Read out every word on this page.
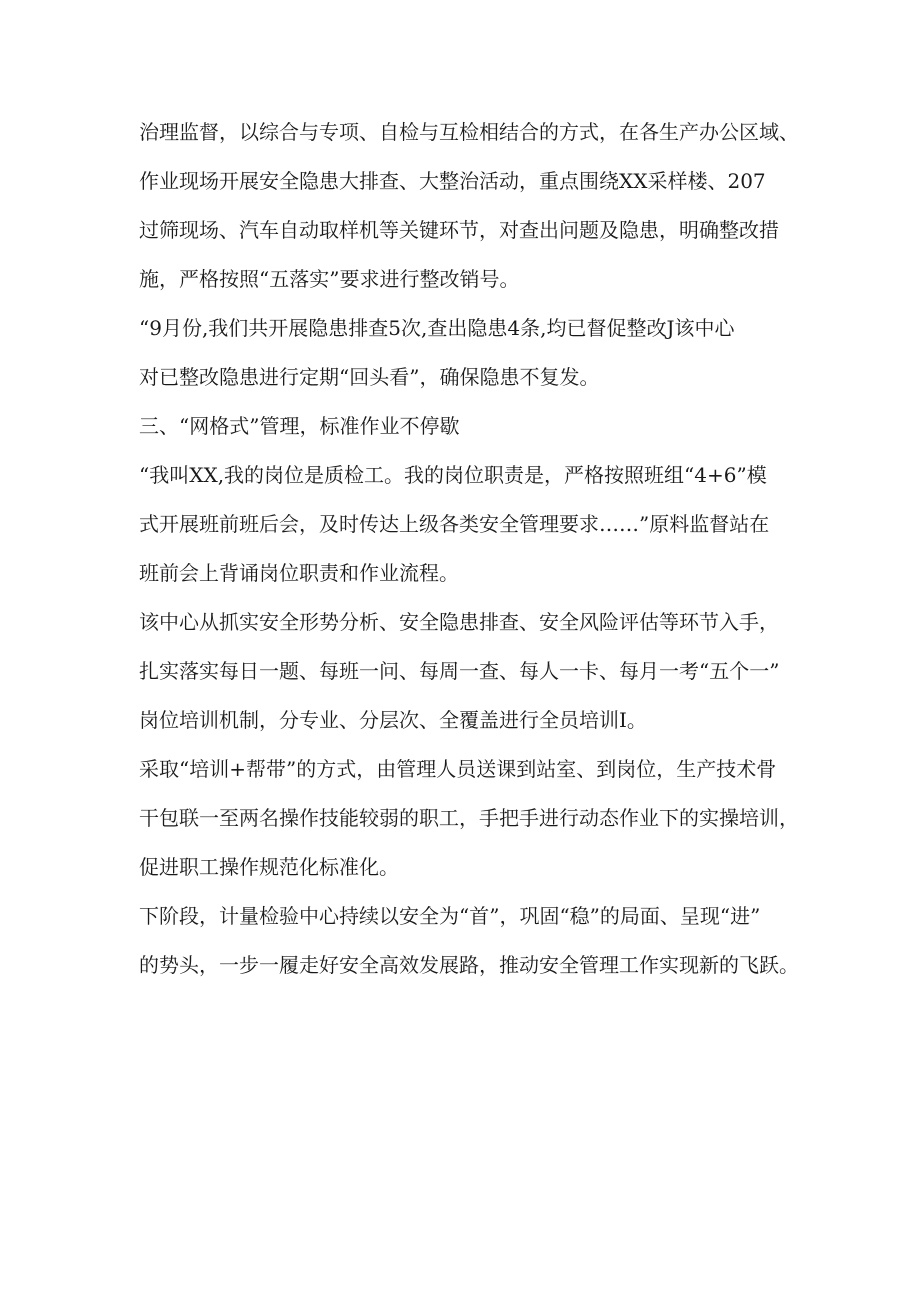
治理监督，以综合与专项、自检与互检相结合的方式，在各生产办公区域、
作业现场开展安全隐患大排查、大整治活动，重点围绕XX采样楼、207
过筛现场、汽车自动取样机等关键环节，对查出问题及隐患，明确整改措
施，严格按照“五落实”要求进行整改销号。
“9月份,我们共开展隐患排查5次,查出隐患4条,均已督促整改J该中心
对已整改隐患进行定期“回头看”，确保隐患不复发。
三、“网格式”管理，标准作业不停歇
“我叫XX,我的岗位是质检工。我的岗位职责是，严格按照班组“4+6”模
式开展班前班后会，及时传达上级各类安全管理要求……”原料监督站在
班前会上背诵岗位职责和作业流程。
该中心从抓实安全形势分析、安全隐患排查、安全风险评估等环节入手，
扎实落实每日一题、每班一问、每周一查、每人一卡、每月一考“五个一”
岗位培训机制，分专业、分层次、全覆盖进行全员培训I。
采取“培训+帮带”的方式，由管理人员送课到站室、到岗位，生产技术骨
干包联一至两名操作技能较弱的职工，手把手进行动态作业下的实操培训，
促进职工操作规范化标准化。
下阶段，计量检验中心持续以安全为“首”，巩固“稳”的局面、呈现“进”
的势头，一步一履走好安全高效发展路，推动安全管理工作实现新的飞跃。
